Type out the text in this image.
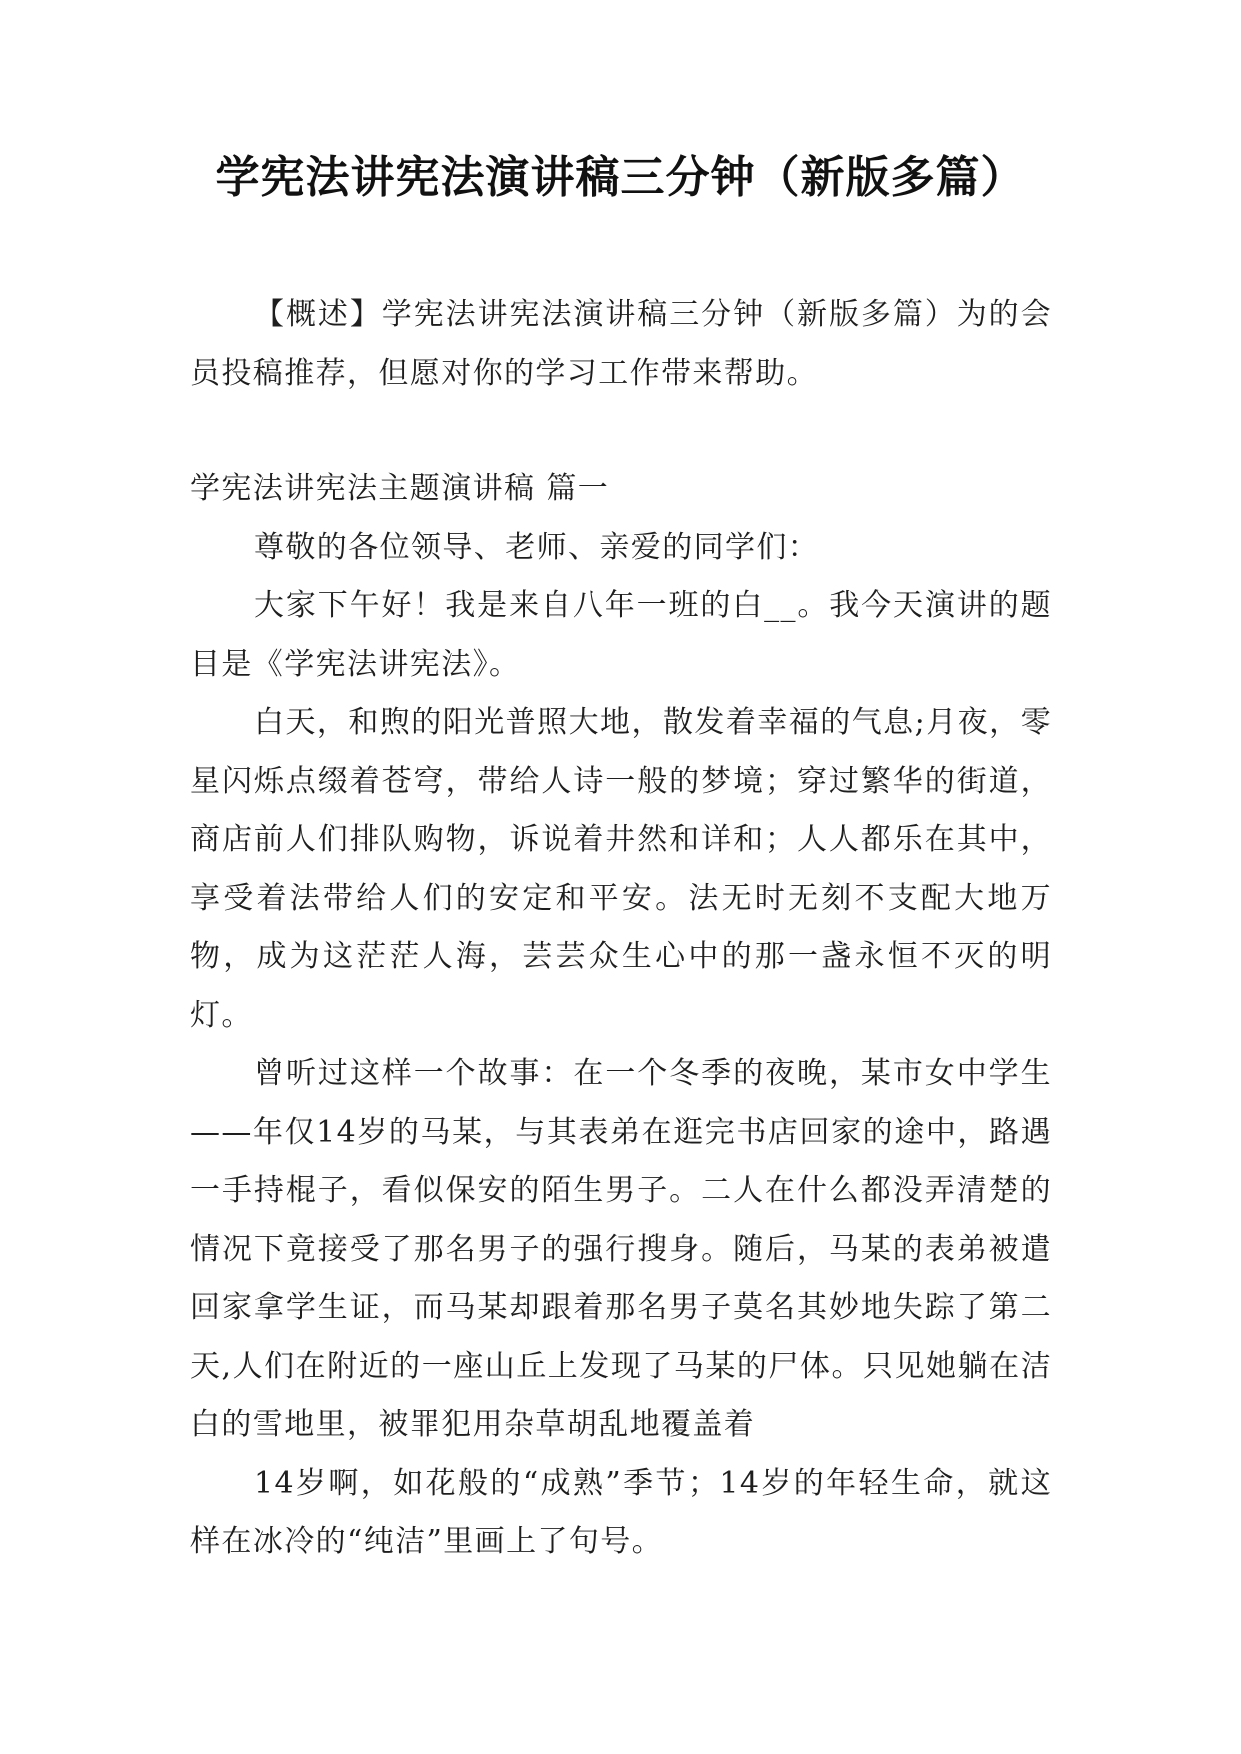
学宪法讲宪法演讲稿三分钟（新版多篇）

【概述】学宪法讲宪法演讲稿三分钟（新版多篇）为的会员投稿推荐，但愿对你的学习工作带来帮助。

学宪法讲宪法主题演讲稿 篇一

尊敬的各位领导、老师、亲爱的同学们：

大家下午好！我是来自八年一班的白__。我今天演讲的题目是《学宪法讲宪法》。

白天，和煦的阳光普照大地，散发着幸福的气息;月夜，零星闪烁点缀着苍穹，带给人诗一般的梦境；穿过繁华的街道，商店前人们排队购物，诉说着井然和详和；人人都乐在其中，享受着法带给人们的安定和平安。法无时无刻不支配大地万物，成为这茫茫人海，芸芸众生心中的那一盏永恒不灭的明灯。

曾听过这样一个故事：在一个冬季的夜晚，某市女中学生——年仅14岁的马某，与其表弟在逛完书店回家的途中，路遇一手持棍子，看似保安的陌生男子。二人在什么都没弄清楚的情况下竟接受了那名男子的强行搜身。随后，马某的表弟被遣回家拿学生证，而马某却跟着那名男子莫名其妙地失踪了第二天,人们在附近的一座山丘上发现了马某的尸体。只见她躺在洁白的雪地里，被罪犯用杂草胡乱地覆盖着

14岁啊，如花般的“成熟”季节；14岁的年轻生命，就这样在冰冷的“纯洁”里画上了句号。
